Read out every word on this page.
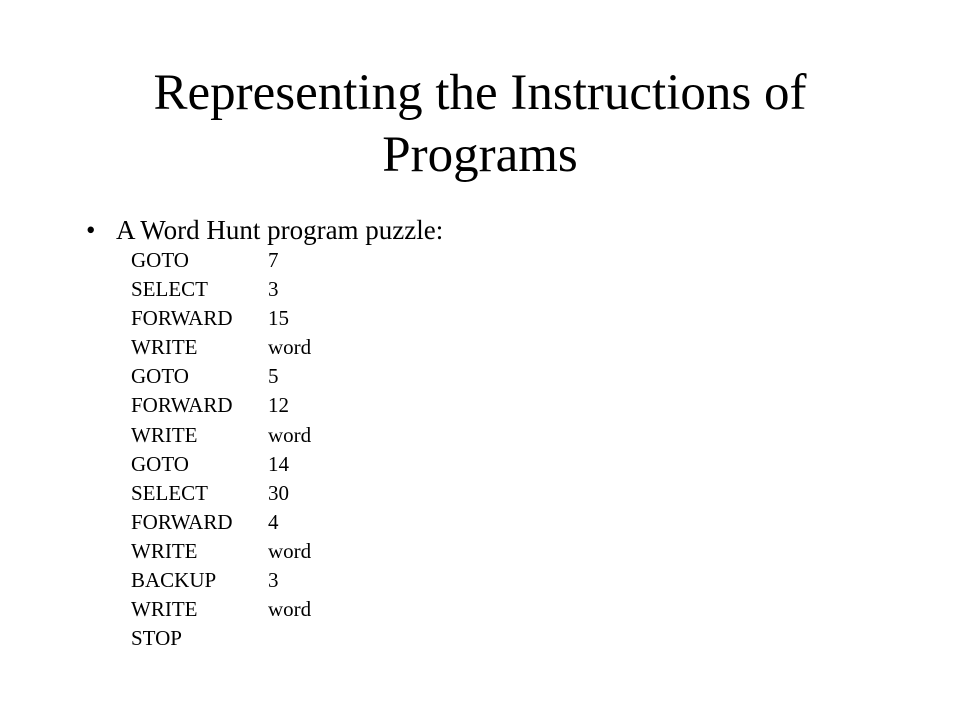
Representing the Instructions of Programs
• A Word Hunt program puzzle:
GOTO	7
SELECT	3
FORWARD 15
WRITE	word
GOTO	5
FORWARD 12
WRITE	word
GOTO	14
SELECT	30
FORWARD 4
WRITE	word
BACKUP 3
WRITE	word
STOP
